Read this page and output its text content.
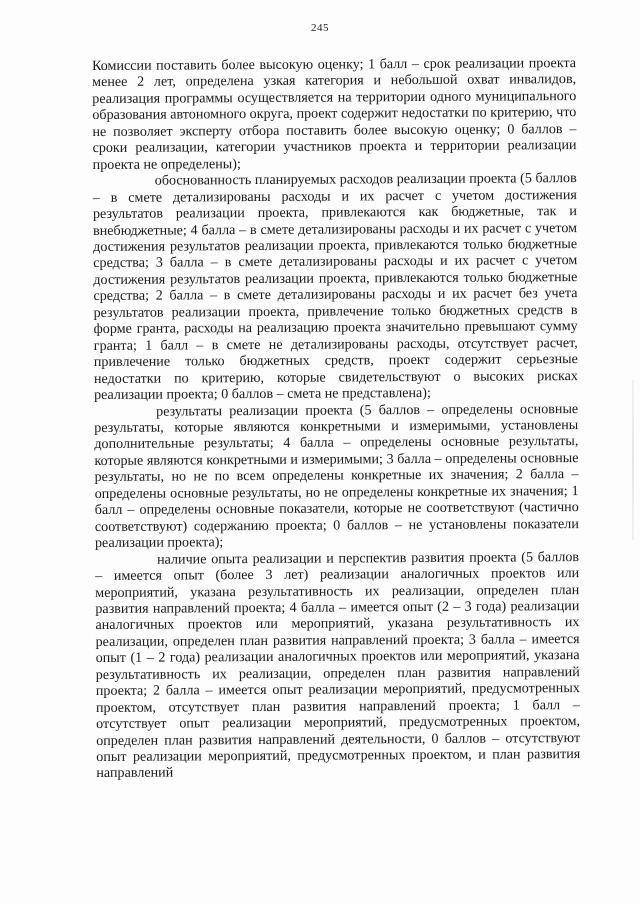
245

Комиссии поставить более высокую оценку; 1 балл – срок реализации проекта менее 2 лет, определена узкая категория и небольшой охват инвалидов, реализация программы осуществляется на территории одного муниципального образования автономного округа, проект содержит недостатки по критерию, что не позволяет эксперту отбора поставить более высокую оценку; 0 баллов – сроки реализации, категории участников проекта и территории реализации проекта не определены);

обоснованность планируемых расходов реализации проекта (5 баллов – в смете детализированы расходы и их расчет с учетом достижения результатов реализации проекта, привлекаются как бюджетные, так и внебюджетные; 4 балла – в смете детализированы расходы и их расчет с учетом достижения результатов реализации проекта, привлекаются только бюджетные средства; 3 балла – в смете детализированы расходы и их расчет с учетом достижения результатов реализации проекта, привлекаются только бюджетные средства; 2 балла – в смете детализированы расходы и их расчет без учета результатов реализации проекта, привлечение только бюджетных средств в форме гранта, расходы на реализацию проекта значительно превышают сумму гранта; 1 балл – в смете не детализированы расходы, отсутствует расчет, привлечение только бюджетных средств, проект содержит серьезные недостатки по критерию, которые свидетельствуют о высоких рисках реализации проекта; 0 баллов – смета не представлена);

результаты реализации проекта (5 баллов – определены основные результаты, которые являются конкретными и измеримыми, установлены дополнительные результаты; 4 балла – определены основные результаты, которые являются конкретными и измеримыми; 3 балла – определены основные результаты, но не по всем определены конкретные их значения; 2 балла – определены основные результаты, но не определены конкретные их значения; 1 балл – определены основные показатели, которые не соответствуют (частично соответствуют) содержанию проекта; 0 баллов – не установлены показатели реализации проекта);

наличие опыта реализации и перспектив развития проекта (5 баллов – имеется опыт (более 3 лет) реализации аналогичных проектов или мероприятий, указана результативность их реализации, определен план развития направлений проекта; 4 балла – имеется опыт (2 – 3 года) реализации аналогичных проектов или мероприятий, указана результативность их реализации, определен план развития направлений проекта; 3 балла – имеется опыт (1 – 2 года) реализации аналогичных проектов или мероприятий, указана результативность их реализации, определен план развития направлений проекта; 2 балла – имеется опыт реализации мероприятий, предусмотренных проектом, отсутствует план развития направлений проекта; 1 балл – отсутствует опыт реализации мероприятий, предусмотренных проектом, определен план развития направлений деятельности, 0 баллов – отсутствуют опыт реализации мероприятий, предусмотренных проектом, и план развития направлений
